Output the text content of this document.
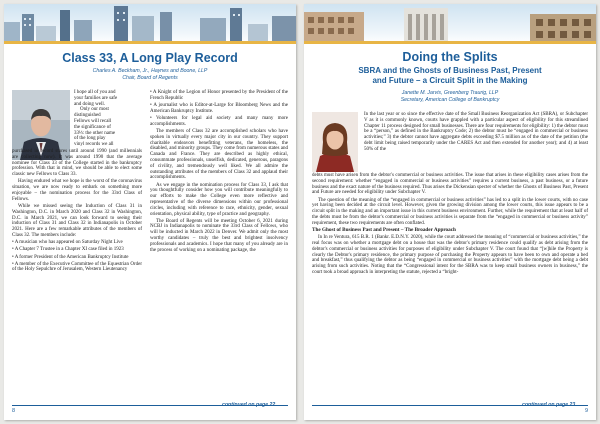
Class 33, A Long Play Record
Charles A. Beckham, Jr., Haynes and Boone, LLP
Chair, Board of Regents
I hope all of you and
your families are safe
and doing well.
Only our most
distinguished
Fellows will recall
the significance of
33⅓: the other name
of the long play
vinyl records we all

purchased in record stores until around 1990 (and millennials are collecting now). It was around 1990 that the average nominee for Class 33 of the College started in the bankruptcy profession. With that in mind, we should be able to elect some classic new Fellows to Class 33.

Having endured what we hope is the worst of the coronavirus situation, we are now ready to embark on something more enjoyable – the nomination process for the 33rd Class of Fellows.

While we missed seeing the Induction of Class 31 in Washington, D.C. in March 2020 and Class 32 in Washington, D.C. in March 2021, we can look forward to seeing their induction of Class 31 and Class 32 in Indianapolis in October 2021. Here are a few remarkable attributes of the members of Class 32. The members include:

• A musician who has appeared on Saturday Night Live

• A Chapter 7 Trustee in a Chapter XI case filed in 1923

• A former President of the American Bankruptcy Institute

• A member of the Executive Committee of the Equestrian Order of the Holy Sepulchre of Jerusalem, Western Lieutenancy

• A Knight of the Legion of Honor presented by the President of the French Republic

• A journalist who is Editor-at-Large for Bloomberg News and the American Bankruptcy Institute.

• Volunteers for legal aid society and many many more accomplishments.

The members of Class 32 are accomplished scholars who have spoken in virtually every major city in our country. They support charitable endeavors benefitting veterans, the homeless, the disabled, and minority groups. They come from numerous states and Canada and France. They are described as highly ethical, consummate professionals, unselfish, dedicated, generous, paragons of civility, and tremendously well liked. We all admire the outstanding attributes of the members of Class 32 and applaud their accomplishments.

As we engage in the nomination process for Class 33, I ask that you thoughtfully consider how you will contribute meaningfully to our efforts to make the College even more reflective and representative of the diverse dimensions within our professional circles, including with reference to race, ethnicity, gender, sexual orientation, physical ability, type of practice and geography.

The Board of Regents will be meeting October 6, 2021 during NCBJ in Indianapolis to nominate the 33rd Class of Fellows, who will be inducted in March 2022 in Denver. We admit only the most worthy candidates – truly the best and brightest insolvency professionals and academics. I hope that many of you already are in the process of working on a nominating package, the

8
Doing the Splits
SBRA and the Ghosts of Business Past, Present
and Future – a Circuit Split in the Making
Janette M. Jarvis, Greenberg Traurig, LLP
Secretary, American College of Bankruptcy
In the last year or so since the effective date of the Small Business Reorganization Act (SBRA), or Subchapter V as it is commonly known, courts have grappled with a particular aspect of eligibility for this streamlined Chapter 11 process designed for small businesses. There are four requirements for eligibility: 1) the debtor must be a “person,” as defined in the Bankruptcy Code; 2) the debtor must be “engaged in commercial or business activities;” 3) the debtor cannot have aggregate debts exceeding $7.5 million as of the date of the petition (the debt limit being raised temporarily under the CARES Act and then extended for another year); and 4) at least 50% of the

debts must have arisen from the debtor's commercial or business activities. The issue that arises in these eligibility cases arises from the second requirement: whether “engaged in commercial or business activities” requires a current business, a past business, or a future business and the exact nature of the business required. Thus arises the Dickensian specter of whether the Ghosts of Business Past, Present and Future are needed for eligibility under Subchapter V.

The question of the meaning of the “engaged in commercial or business activities” has led to a split in the lower courts, with no case yet having been decided at the circuit level. However, given the growing division among the lower courts, this issue appears to be a circuit split in the making and an important issue in this current business environment. Further, while the requirement that at least half of the debts must be from the debtor's commercial or business activities is separate from the “engaged in commercial or business activity” requirement, these two requirements are often conflated.

The Ghost of Business Past and Present – The Broader Approach

In In re Ventura, 615 B.R. 1 (Bankr. E.D.N.Y. 2020), while the court addressed the meaning of “commercial or business activities,” the real focus was on whether a mortgage debt on a house that was the debtor's primary residence could qualify as debt arising from the debtor's commercial or business activities for purposes of eligibility under Subchapter V. The court found that “[w]hile the Property is clearly the Debtor's primary residence, the primary purpose of purchasing the Property appears to have been to own and operate a bed and breakfast,” thus qualifying the debtor as being “engaged in commercial or business activities” with the mortgage debt being a debt arising from such activities. Noting that the “Congressional intent for the SBRA was to keep small business owners in business,” the court took a broad approach in interpreting the statute, rejected a “bright-

9
